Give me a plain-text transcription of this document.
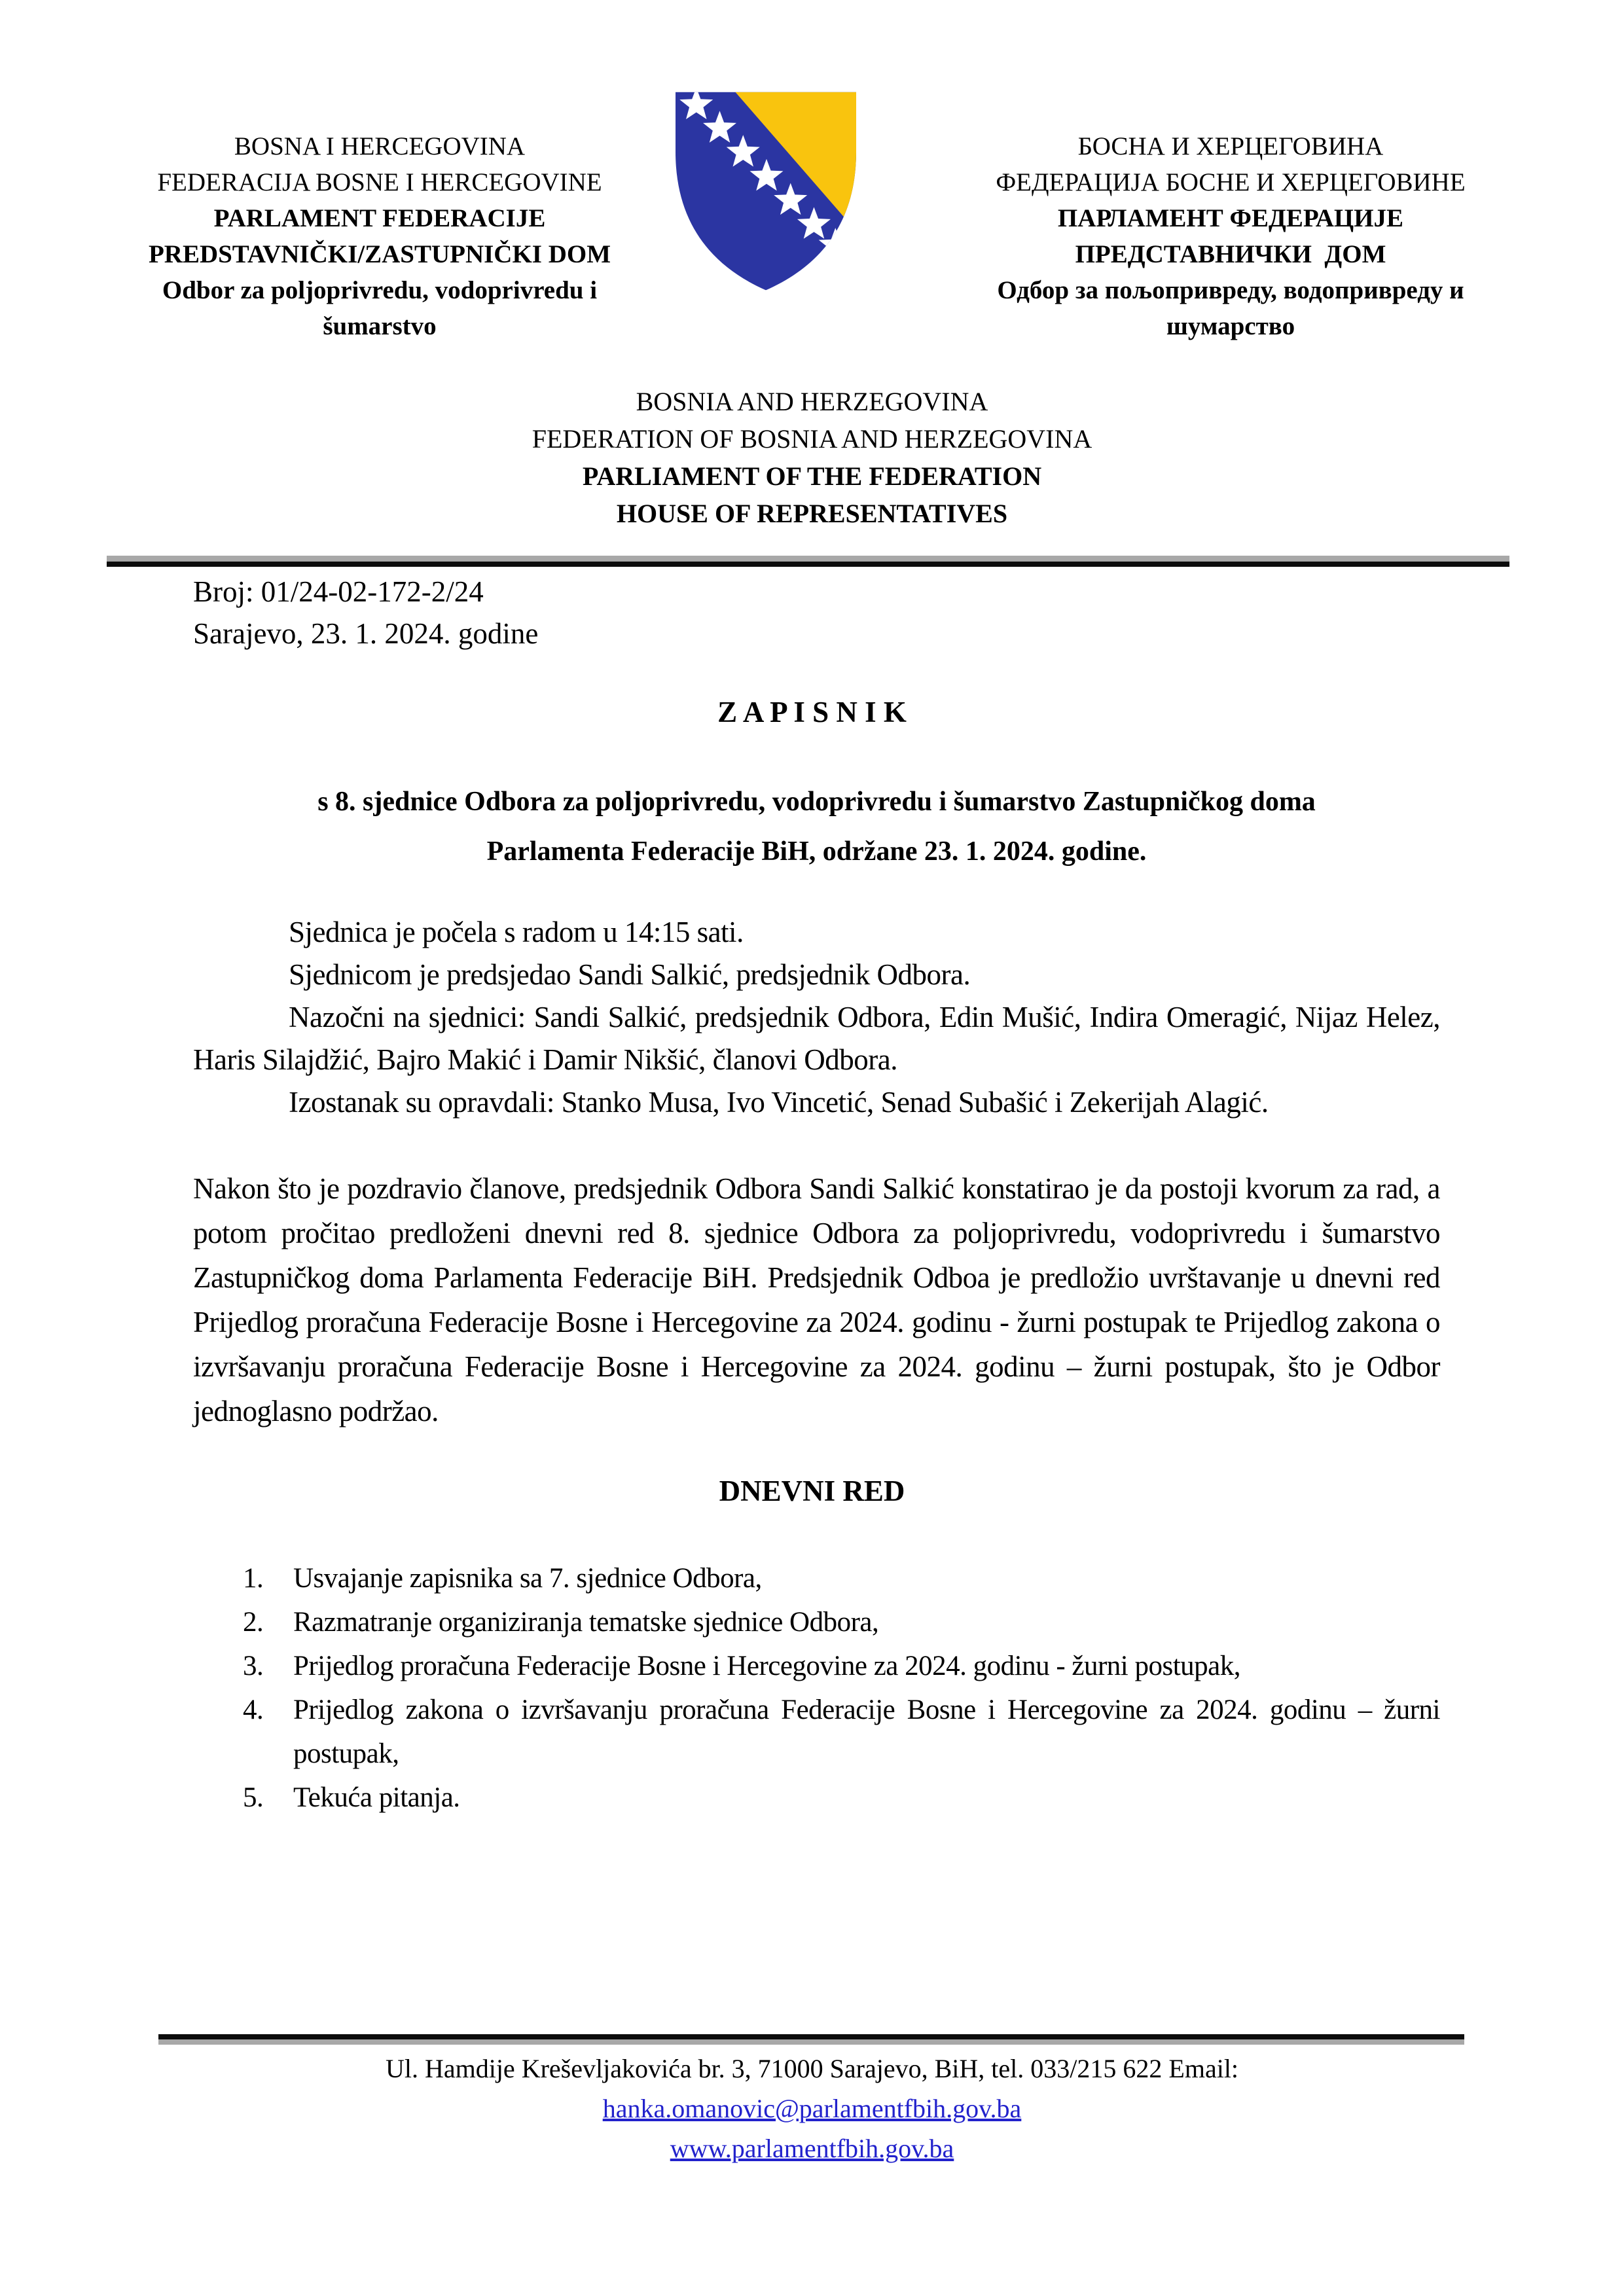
BOSNA I HERCEGOVINA
FEDERACIJA BOSNE I HERCEGOVINE
PARLAMENT FEDERACIJE
PREDSTAVNIČKI/ZASTUPNIČKI DOM
Odbor za poljoprivredu, vodoprivredu i
šumarstvo
БОСНА И ХЕРЦЕГОВИНА
ФЕДЕРАЦИЈА БОСНЕ И ХЕРЦЕГОВИНЕ
ПАРЛАМЕНТ ФЕДЕРАЦИЈЕ
ПРЕДСТАВНИЧКИ  ДОМ
Одбор за пољопривреду, водопривреду и
шумарство
BOSNIA AND HERZEGOVINA
FEDERATION OF BOSNIA AND HERZEGOVINA
PARLIAMENT OF THE FEDERATION
HOUSE OF REPRESENTATIVES
Broj: 01/24-02-172-2/24
Sarajevo, 23. 1. 2024. godine
Z A P I S N I K
s 8. sjednice Odbora za poljoprivredu, vodoprivredu i šumarstvo Zastupničkog doma
Parlamenta Federacije BiH, održane 23. 1. 2024. godine.

Sjednica je počela s radom u 14:15 sati.

Sjednicom je predsjedao Sandi Salkić, predsjednik Odbora.

Nazočni na sjednici: Sandi Salkić, predsjednik Odbora, Edin Mušić, Indira Omeragić, Nijaz Helez, Haris Silajdžić, Bajro Makić i Damir Nikšić, članovi Odbora.

Izostanak su opravdali: Stanko Musa, Ivo Vincetić, Senad Subašić i Zekerijah Alagić.

Nakon što je pozdravio članove, predsjednik Odbora Sandi Salkić konstatirao je da postoji kvorum za rad, a potom pročitao predloženi dnevni red 8. sjednice Odbora za poljoprivredu, vodoprivredu i šumarstvo Zastupničkog doma Parlamenta Federacije BiH. Predsjednik Odboa je predložio uvrštavanje u dnevni red Prijedlog proračuna Federacije Bosne i Hercegovine za 2024. godinu - žurni postupak te Prijedlog zakona o izvršavanju proračuna Federacije Bosne i Hercegovine za 2024. godinu – žurni postupak, što je Odbor jednoglasno podržao.

DNEVNI RED
1. Usvajanje zapisnika sa 7. sjednice Odbora,
2. Razmatranje organiziranja tematske sjednice Odbora,
3. Prijedlog proračuna Federacije Bosne i Hercegovine za 2024. godinu - žurni postupak,
4. Prijedlog zakona o izvršavanju proračuna Federacije Bosne i Hercegovine za 2024. godinu – žurni postupak,
5. Tekuća pitanja.
Ul. Hamdije Kreševljakovića br. 3, 71000 Sarajevo, BiH, tel. 033/215 622 Email:
hanka.omanovic@parlamentfbih.gov.ba
www.parlamentfbih.gov.ba
